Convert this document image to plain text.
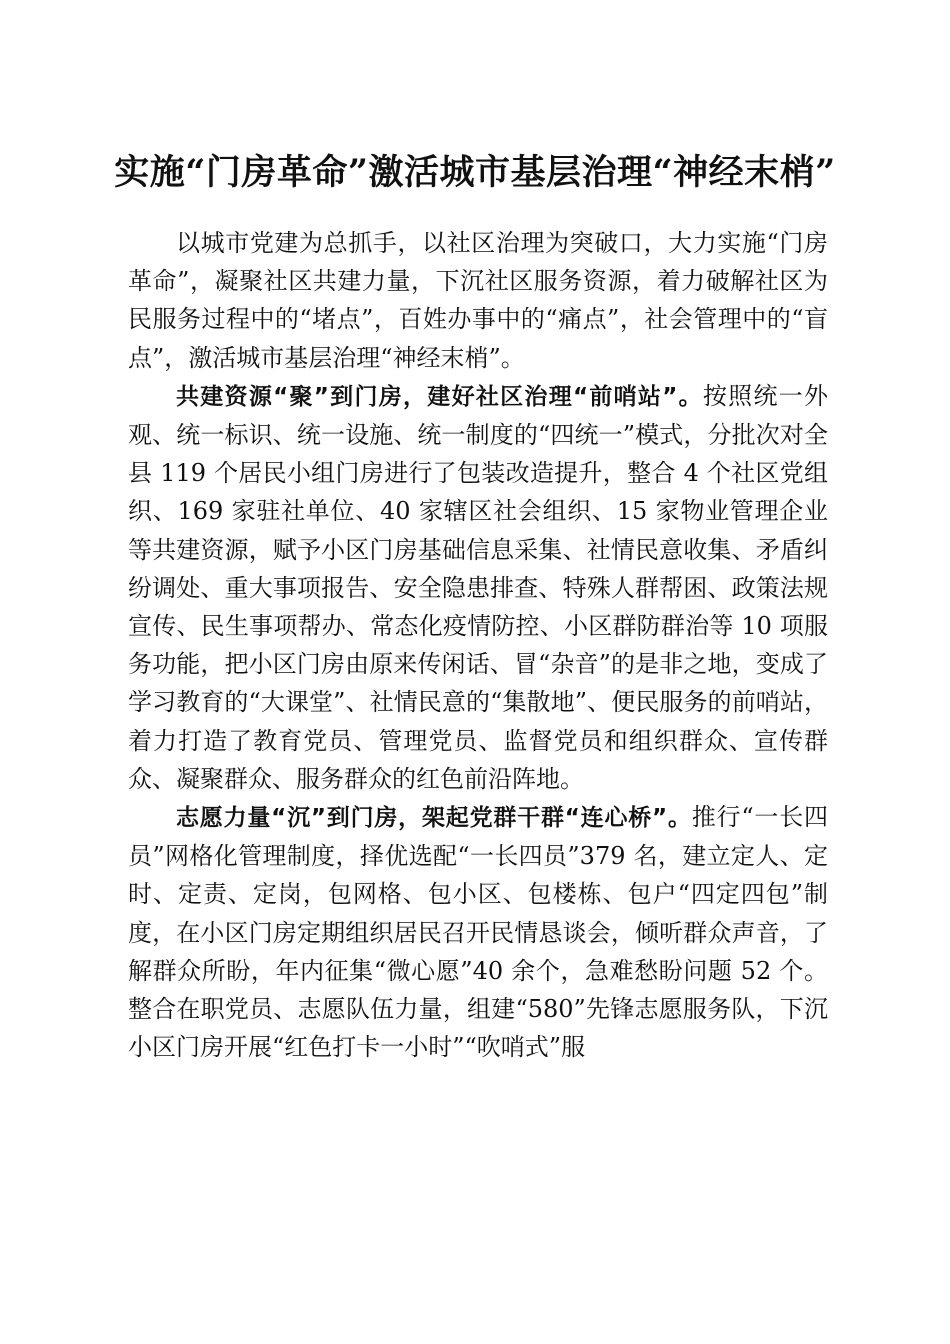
实施“门房革命”激活城市基层治理“神经末梢”

以城市党建为总抓手，以社区治理为突破口，大力实施“门房革命”，凝聚社区共建力量，下沉社区服务资源，着力破解社区为民服务过程中的“堵点”，百姓办事中的“痛点”，社会管理中的“盲点”，激活城市基层治理“神经末梢”。

共建资源“聚”到门房，建好社区治理“前哨站”。按照统一外观、统一标识、统一设施、统一制度的“四统一”模式，分批次对全县 119 个居民小组门房进行了包装改造提升，整合 4 个社区党组织、169 家驻社单位、40 家辖区社会组织、15 家物业管理企业等共建资源，赋予小区门房基础信息采集、社情民意收集、矛盾纠纷调处、重大事项报告、安全隐患排查、特殊人群帮困、政策法规宣传、民生事项帮办、常态化疫情防控、小区群防群治等 10 项服务功能，把小区门房由原来传闲话、冒“杂音”的是非之地，变成了学习教育的“大课堂”、社情民意的“集散地”、便民服务的前哨站，着力打造了教育党员、管理党员、监督党员和组织群众、宣传群众、凝聚群众、服务群众的红色前沿阵地。

志愿力量“沉”到门房，架起党群干群“连心桥”。推行“一长四员”网格化管理制度，择优选配“一长四员”379 名，建立定人、定时、定责、定岗，包网格、包小区、包楼栋、包户“四定四包”制度，在小区门房定期组织居民召开民情恳谈会，倾听群众声音，了解群众所盼，年内征集“微心愿”40 余个，急难愁盼问题 52 个。整合在职党员、志愿队伍力量，组建“580”先锋志愿服务队，下沉小区门房开展“红色打卡一小时”“吹哨式”服
